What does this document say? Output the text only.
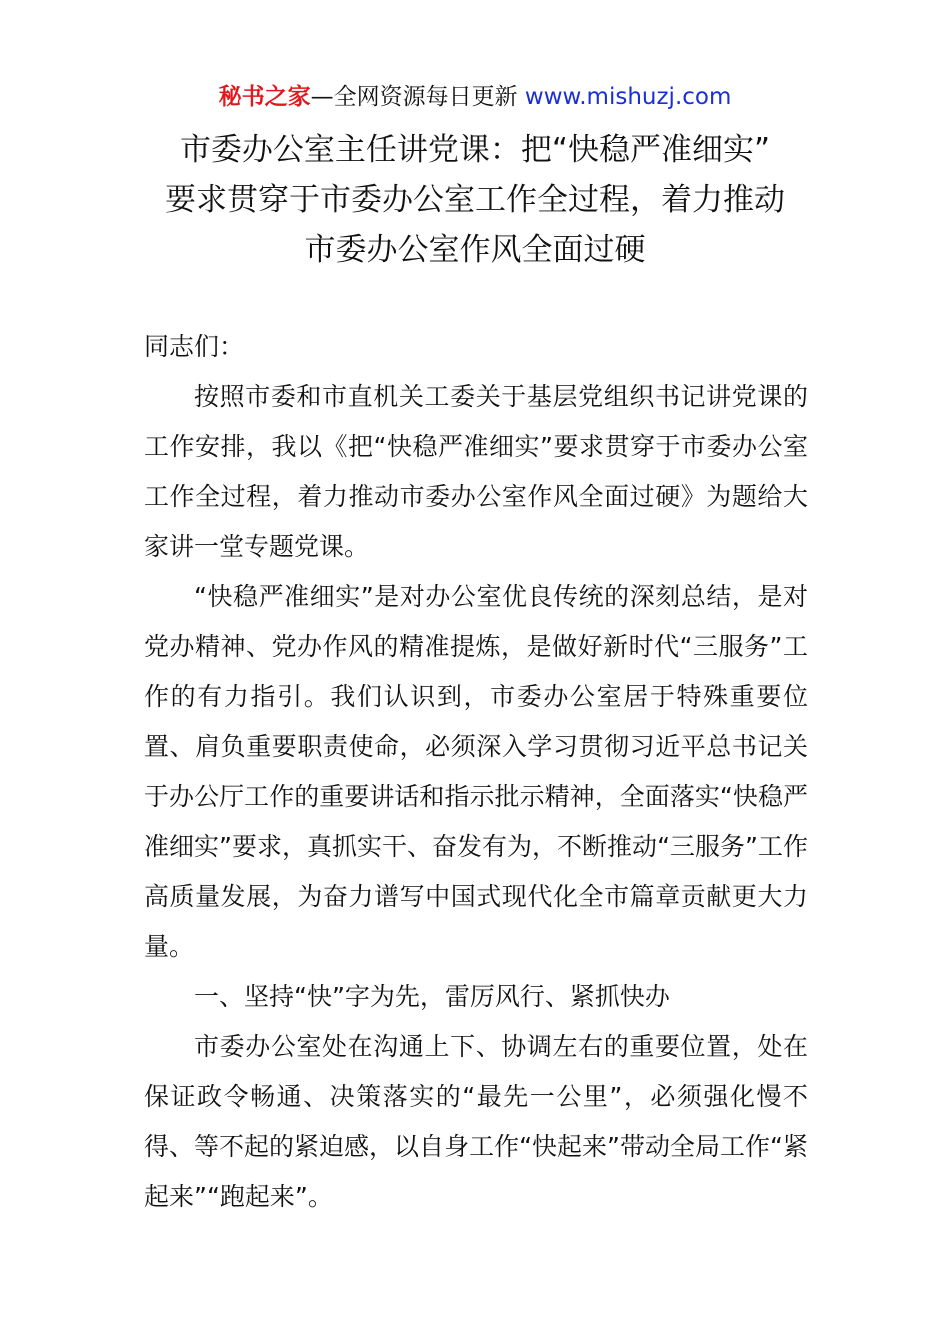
秘书之家—全网资源每日更新 www.mishuzj.com
市委办公室主任讲党课：把“快稳严准细实”
要求贯穿于市委办公室工作全过程，着力推动
市委办公室作风全面过硬

同志们：

按照市委和市直机关工委关于基层党组织书记讲党课的工作安排，我以《把“快稳严准细实”要求贯穿于市委办公室工作全过程，着力推动市委办公室作风全面过硬》为题给大家讲一堂专题党课。

“快稳严准细实”是对办公室优良传统的深刻总结，是对党办精神、党办作风的精准提炼，是做好新时代“三服务”工作的有力指引。我们认识到，市委办公室居于特殊重要位置、肩负重要职责使命，必须深入学习贯彻习近平总书记关于办公厅工作的重要讲话和指示批示精神，全面落实“快稳严准细实”要求，真抓实干、奋发有为，不断推动“三服务”工作高质量发展，为奋力谱写中国式现代化全市篇章贡献更大力量。

一、坚持“快”字为先，雷厉风行、紧抓快办

市委办公室处在沟通上下、协调左右的重要位置，处在保证政令畅通、决策落实的“最先一公里”，必须强化慢不得、等不起的紧迫感，以自身工作“快起来”带动全局工作“紧起来”“跑起来”。
